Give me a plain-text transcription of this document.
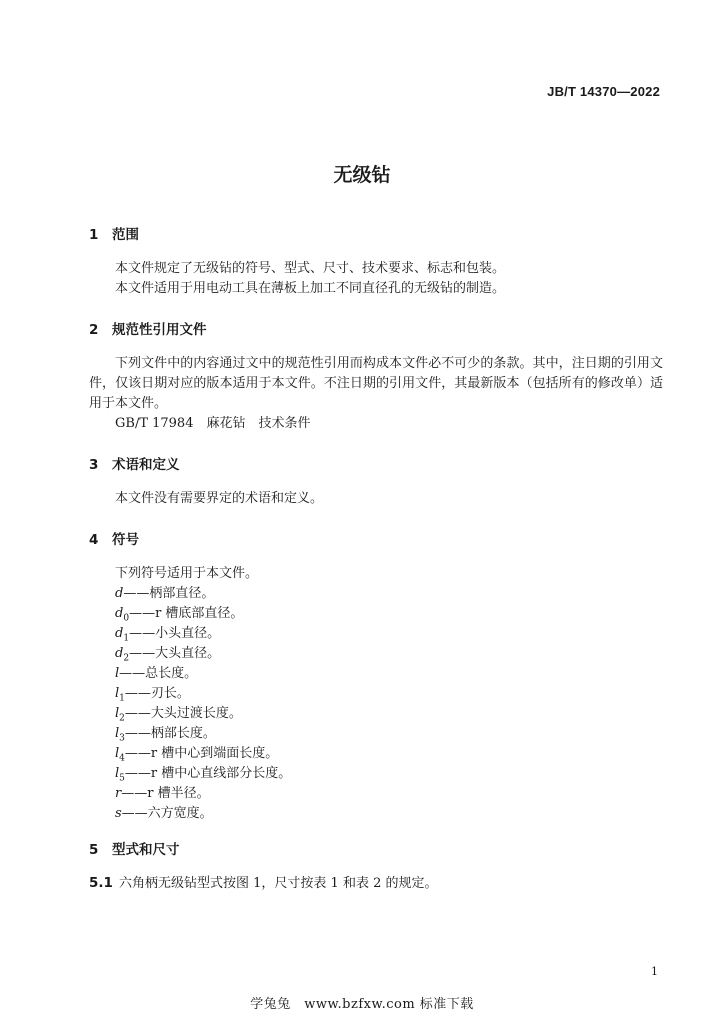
JB/T 14370—2022
无级钻
1 范围
本文件规定了无级钻的符号、型式、尺寸、技术要求、标志和包装。
本文件适用于用电动工具在薄板上加工不同直径孔的无级钻的制造。
2 规范性引用文件
下列文件中的内容通过文中的规范性引用而构成本文件必不可少的条款。其中，注日期的引用文件，仅该日期对应的版本适用于本文件。不注日期的引用文件，其最新版本（包括所有的修改单）适用于本文件。
GB/T 17984　麻花钻　技术条件
3 术语和定义
本文件没有需要界定的术语和定义。
4 符号
下列符号适用于本文件。
d——柄部直径。
$d_0——r$ 槽底部直径。
$d_1——$小头直径。
$d_2——$大头直径。
l——总长度。
$l_1——$刃长。
$l_2——$大头过渡长度。
$l_3——$柄部长度。
$l_4——r$ 槽中心到端面长度。
$l_5——r$ 槽中心直线部分长度。
r——r 槽半径。
s——六方宽度。
5 型式和尺寸
5.1 六角柄无级钻型式按图 1，尺寸按表 1 和表 2 的规定。
1
学兔兔　www.bzfxw.com 标准下载
